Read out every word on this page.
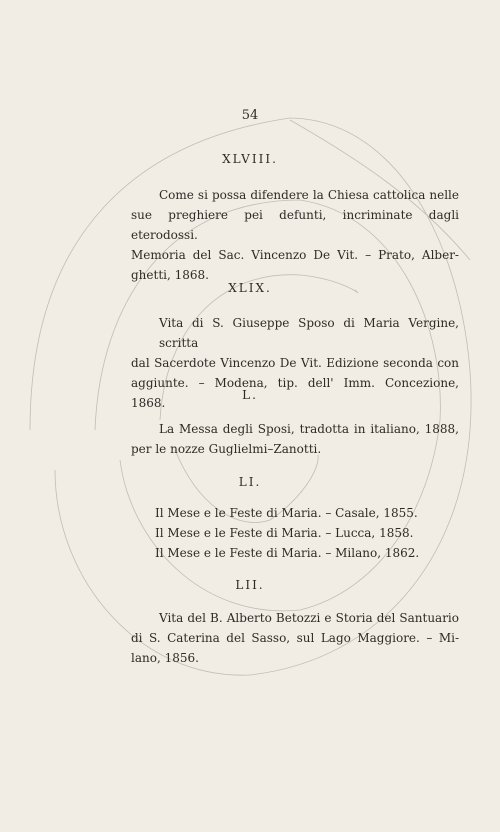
54
XLVIII.
Come si possa difendere la Chiesa cattolica nelle
sue preghiere pei defunti, incriminate dagli eterodossi.
Memoria del Sac. Vincenzo De Vit. – Prato, Alber-
ghetti, 1868.
XLIX.
Vita di S. Giuseppe Sposo di Maria Vergine, scritta
dal Sacerdote Vincenzo De Vit. Edizione seconda con
aggiunte. – Modena, tip. dell' Imm. Concezione, 1868.
L.
La Messa degli Sposi, tradotta in italiano, 1888,
per le nozze Guglielmi–Zanotti.
LI.
Il Mese e le Feste di Maria. – Casale, 1855.
Il Mese e le Feste di Maria. – Lucca, 1858.
Il Mese e le Feste di Maria. – Milano, 1862.
LII.
Vita del B. Alberto Betozzi e Storia del Santuario
di S. Caterina del Sasso, sul Lago Maggiore. – Mi-
lano, 1856.
